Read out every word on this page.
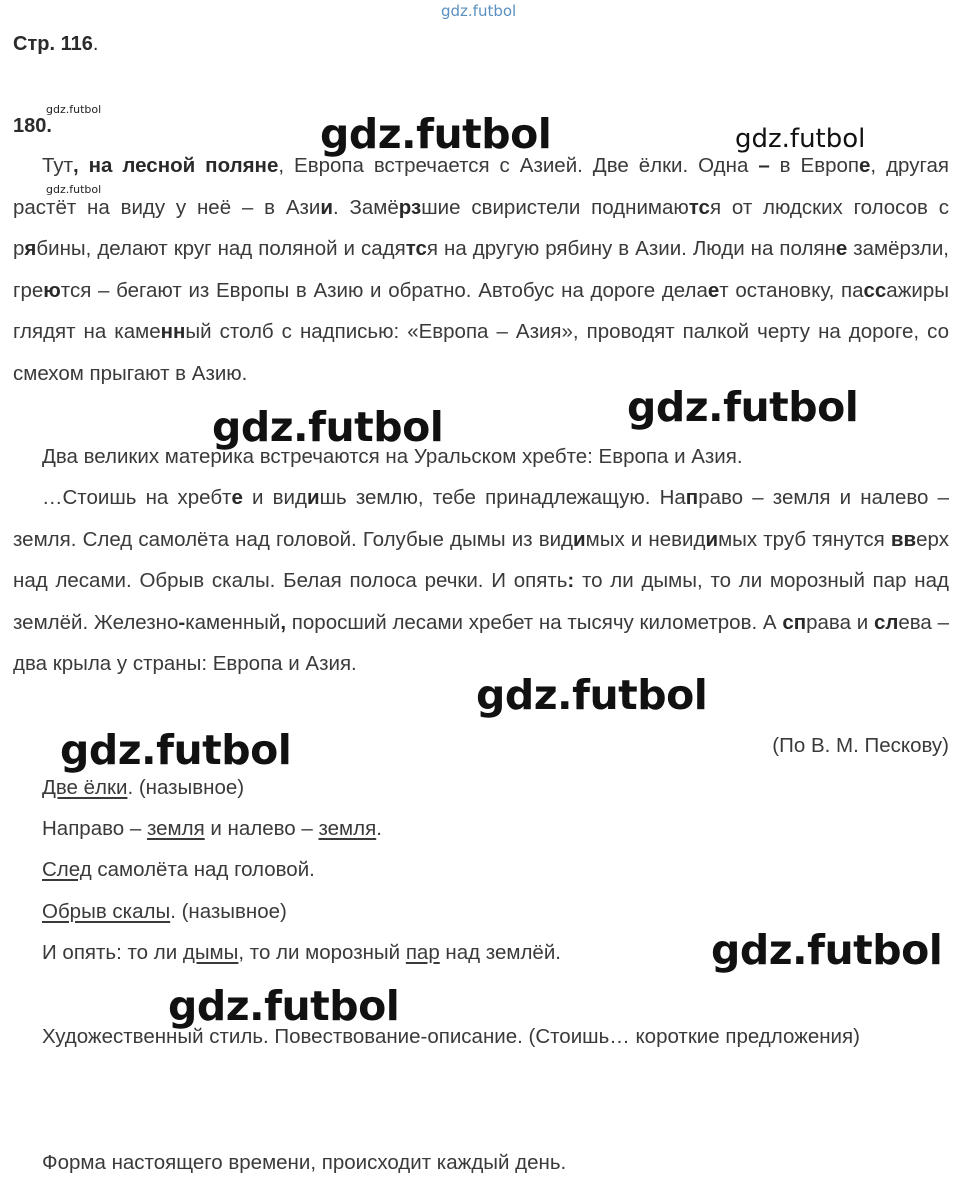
gdz.futbol
Стр. 116.
180.
gdz.futbol
gdz.futbol
Тут, на лесной поляне, Европа встречается с Азией. Две ёлки. Одна – в Европе, другая растёт на виду у неё – в Азии. Замёрзшие свиристели поднимаются от людских голосов с рябины, делают круг над поляной и садятся на другую рябину в Азии. Люди на поляне замёрзли, греются – бегают из Европы в Азию и обратно. Автобус на дороге делает остановку, пассажиры глядят на каменный столб с надписью: «Европа – Азия», проводят палкой черту на дороге, со смехом прыгают в Азию.
Два великих материка встречаются на Уральском хребте: Европа и Азия.
…Стоишь на хребте и видишь землю, тебе принадлежащую. Направо – земля и налево – земля. След самолёта над головой. Голубые дымы из видимых и невидимых труб тянутся вверх над лесами. Обрыв скалы. Белая полоса речки. И опять: то ли дымы, то ли морозный пар над землёй. Железно-каменный, поросший лесами хребет на тысячу километров. А справа и слева – два крыла у страны: Европа и Азия.
(По В. М. Пескову)
Две ёлки. (назывное)
Направо – земля и налево – земля.
След самолёта над головой.
Обрыв скалы. (назывное)
И опять: то ли дымы, то ли морозный пар над землёй.
Художественный стиль. Повествование-описание. (Стоишь… короткие предложения)
Форма настоящего времени, происходит каждый день.
gdz.futbol
gdz.futbol
gdz.futbol
gdz.futbol
gdz.futbol
gdz.futbol
gdz.futbol
gdz.futbol
